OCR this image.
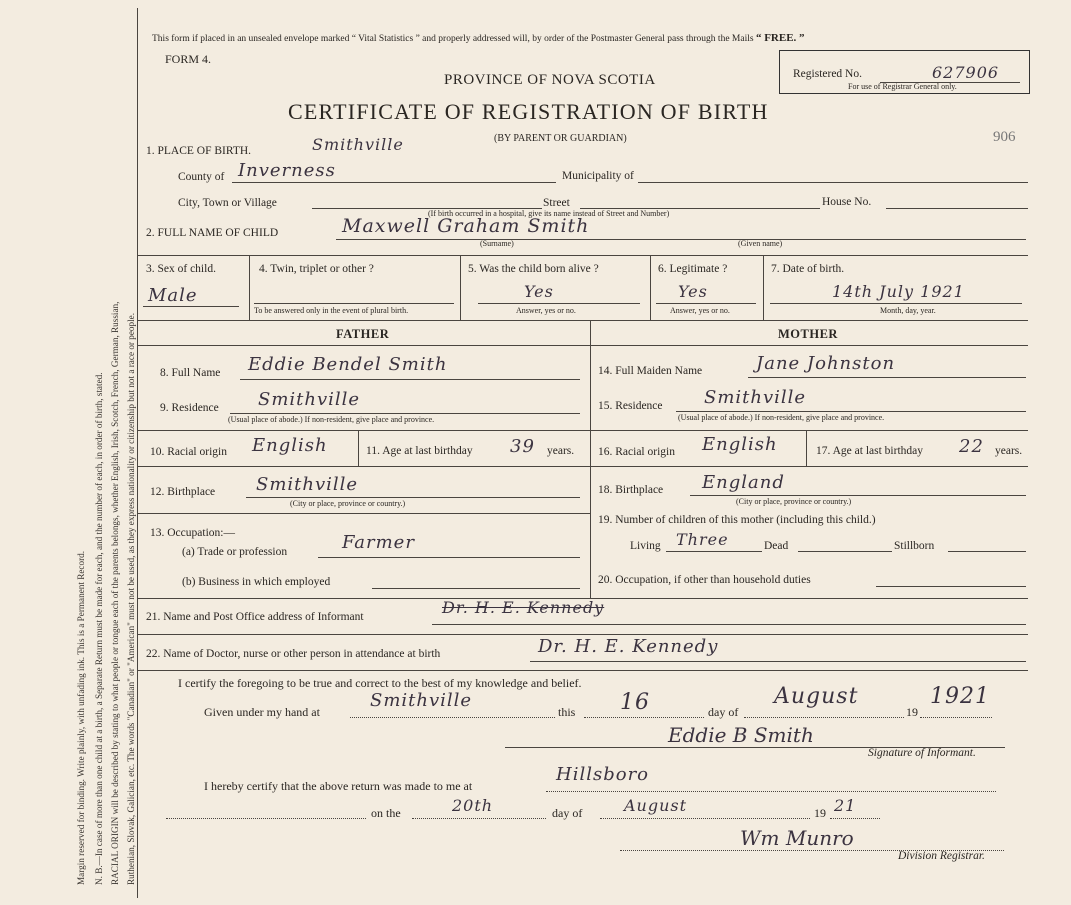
Margin reserved for binding. Write plainly, with unfading ink. This is a Permanent Record. N. B.—In case of more than one child at a birth, a Separate Return must be made for each, and the number of each, in order of birth, stated. RACIAL ORIGIN will be described by stating to what people or tongue each of the parents belongs, whether English, Irish, Scotch, French, German, Russian, Ruthenian, Slovak, Galician, etc. The words "Canadian" or "American" must not be used, as they express nationality or citizenship but not a race or people.
This form if placed in an unsealed envelope marked “ Vital Statistics ” and properly addressed will, by order of the Postmaster General pass through the Mails “ FREE. ”
FORM 4.
PROVINCE OF NOVA SCOTIA
CERTIFICATE OF REGISTRATION OF BIRTH
(BY PARENT OR GUARDIAN)
Registered No.	627906
For use of Registrar General only.
906
1. PLACE OF BIRTH.	Smithville
County of Inverness	Municipality of
City, Town or Village	Street	House No.
(If birth occurred in a hospital, give its name instead of Street and Number)
2. FULL NAME OF CHILD	Maxwell Graham Smith
(Surname)	(Given name)
3. Sex of child.
Male
4. Twin, triplet or other ?
To be answered only in the event of plural birth.
5. Was the child born alive ?
Yes
Answer, yes or no.
6. Legitimate ?
Yes
Answer, yes or no.
7. Date of birth.
14th July 1921
Month, day, year.
FATHER	MOTHER
8. Full Name Eddie Bendel Smith
9. Residence Smithville
(Usual place of abode.) If non-resident, give place and province.
10. Racial origin English	11. Age at last birthday 39 years.
12. Birthplace Smithville
(City or place, province or country.)
13. Occupation:—
(a) Trade or profession	Farmer
(b) Business in which employed
14. Full Maiden Name	Jane Johnston
15. Residence Smithville
(Usual place of abode.) If non-resident, give place and province.
16. Racial origin English	17. Age at last birthday 22 years.
18. Birthplace England
(City or place, province or country.)
19. Number of children of this mother (including this child.)
Living Three	Dead	Stillborn
20. Occupation, if other than household duties
21. Name and Post Office address of Informant	Dr. H. E. Kennedy
22. Name of Doctor, nurse or other person in attendance at birth	Dr. H. E. Kennedy
I certify the foregoing to be true and correct to the best of my knowledge and belief.
Given under my hand at
Smithville
this 16	day of
August
19
1921
Eddie B Smith
Signature of Informant.
I hereby certify that the above return was made to me at
Hillsboro
on the	20th	day of	August	19 21
Wm Munro
Division Registrar.
